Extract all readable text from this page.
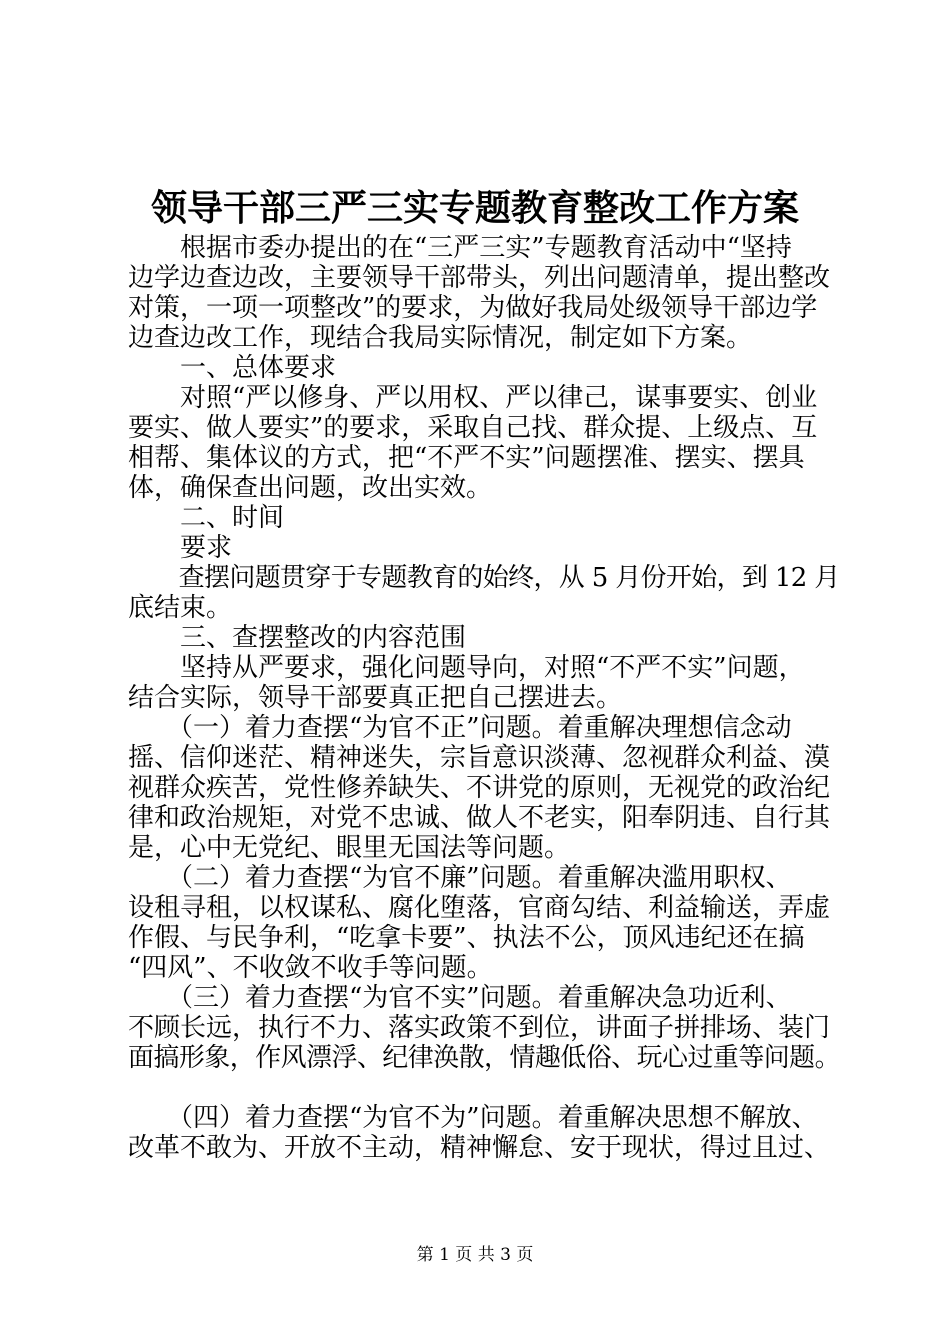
领导干部三严三实专题教育整改工作方案
　　根据市委办提出的在“三严三实”专题教育活动中“坚持
边学边查边改，主要领导干部带头，列出问题清单，提出整改
对策，一项一项整改”的要求，为做好我局处级领导干部边学
边查边改工作，现结合我局实际情况，制定如下方案。
　　一、总体要求
　　对照“严以修身、严以用权、严以律己，谋事要实、创业
要实、做人要实”的要求，采取自己找、群众提、上级点、互
相帮、集体议的方式，把“不严不实”问题摆准、摆实、摆具
体，确保查出问题，改出实效。
　　二、时间
　　要求
　　查摆问题贯穿于专题教育的始终，从 5 月份开始，到 12 月
底结束。
　　三、查摆整改的内容范围
　　坚持从严要求，强化问题导向，对照“不严不实”问题，
结合实际，领导干部要真正把自己摆进去。
　　（一）着力查摆“为官不正”问题。着重解决理想信念动
摇、信仰迷茫、精神迷失，宗旨意识淡薄、忽视群众利益、漠
视群众疾苦，党性修养缺失、不讲党的原则，无视党的政治纪
律和政治规矩，对党不忠诚、做人不老实，阳奉阴违、自行其
是，心中无党纪、眼里无国法等问题。
　　（二）着力查摆“为官不廉”问题。着重解决滥用职权、
设租寻租，以权谋私、腐化堕落，官商勾结、利益输送，弄虚
作假、与民争利，“吃拿卡要”、执法不公，顶风违纪还在搞
“四风”、不收敛不收手等问题。
　　（三）着力查摆“为官不实”问题。着重解决急功近利、
不顾长远，执行不力、落实政策不到位，讲面子拼排场、装门
面搞形象，作风漂浮、纪律涣散，情趣低俗、玩心过重等问题。
　　（四）着力查摆“为官不为”问题。着重解决思想不解放、
改革不敢为、开放不主动，精神懈怠、安于现状，得过且过、
第 1 页 共 3 页
